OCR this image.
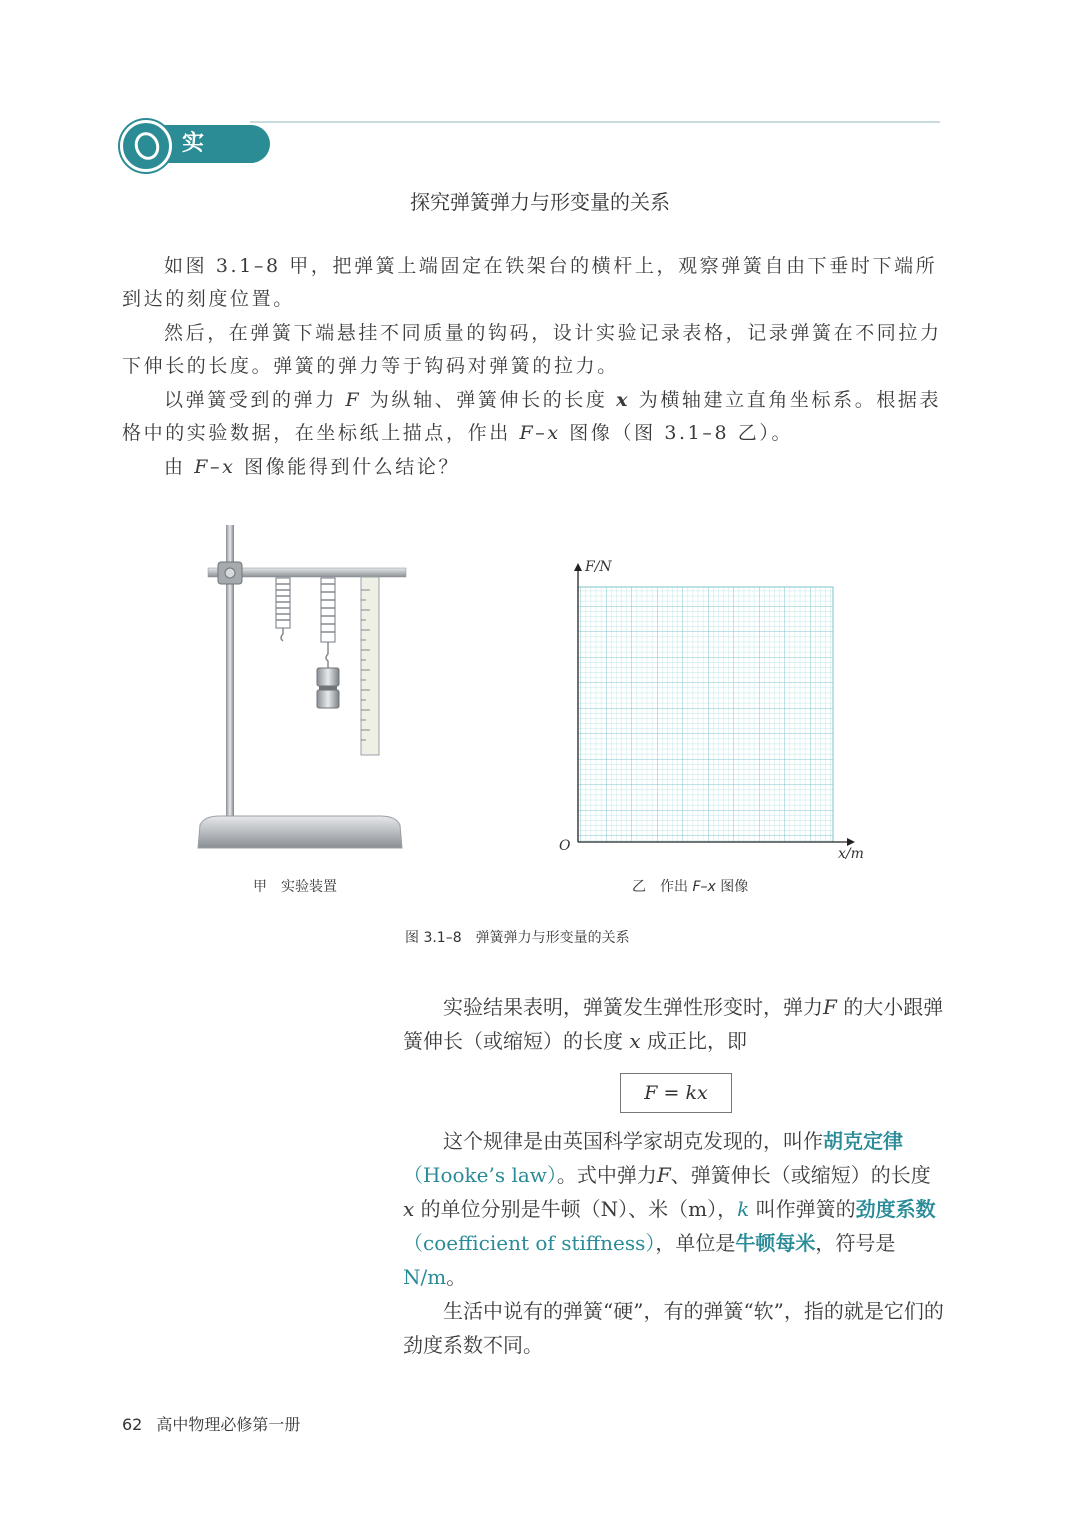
实 验
探究弹簧弹力与形变量的关系

如图 3.1–8 甲，把弹簧上端固定在铁架台的横杆上，观察弹簧自由下垂时下端所到达的刻度位置。

然后，在弹簧下端悬挂不同质量的钩码，设计实验记录表格，记录弹簧在不同拉力下伸长的长度。弹簧的弹力等于钩码对弹簧的拉力。

以弹簧受到的弹力 F 为纵轴、弹簧伸长的长度 x 为横轴建立直角坐标系。根据表格中的实验数据，在坐标纸上描点，作出 F–x 图像（图 3.1–8 乙）。

由 F–x 图像能得到什么结论？

F/N
x/m
O
甲　实验装置	乙　作出 F–x 图像
图 3.1–8　弹簧弹力与形变量的关系

实验结果表明，弹簧发生弹性形变时，弹力F 的大小跟弹簧伸长（或缩短）的长度 x 成正比，即

F = kx

这个规律是由英国科学家胡克发现的，叫作胡克定律（Hooke’s law）。式中弹力F、弹簧伸长（或缩短）的长度 x 的单位分别是牛顿（N）、米（m），k 叫作弹簧的劲度系数（coefficient of stiffness），单位是牛顿每米，符号是N/m。

生活中说有的弹簧“硬”，有的弹簧“软”，指的就是它们的劲度系数不同。

62 高中物理必修第一册
